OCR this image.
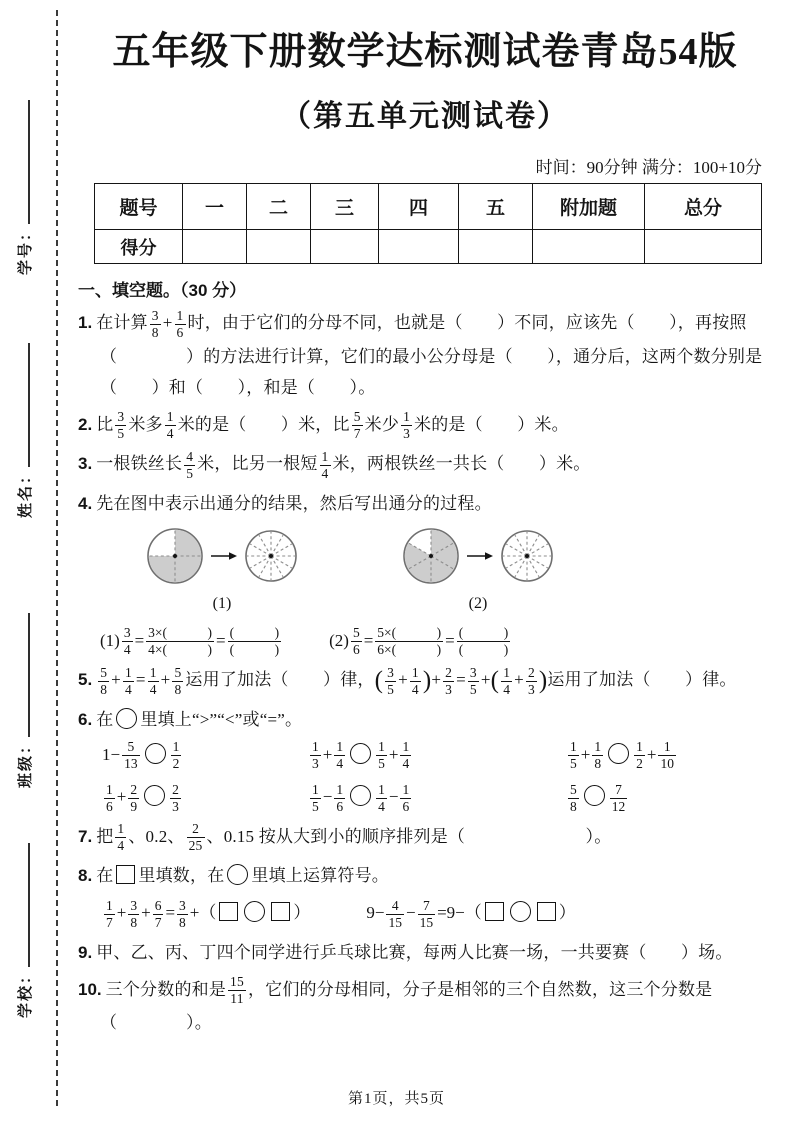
学号：
姓名：
班级：
学校：
五年级下册数学达标测试卷青岛54版
（第五单元测试卷）
时间：90分钟 满分：100+10分
题号	一	二	三	四	五	附加题	总分
得分							
一、填空题。（30 分）
1. 在计算 $\frac{3}{8} + \frac{1}{6}$ 时，由于它们的分母不同，也就是（　　）不同，应该先（　　），再按照（　　　　）的方法进行计算，它们的最小公分母是（　　），通分后，这两个数分别是（　　）和（　　），和是（　　）。
2. 比 $\frac{3}{5}$ 米多 $\frac{1}{4}$ 米的是（　　）米，比 $\frac{5}{7}$ 米少 $\frac{1}{3}$ 米的是（　　）米。
3. 一根铁丝长 $\frac{4}{5}$ 米，比另一根短 $\frac{1}{4}$ 米，两根铁丝一共长（　　）米。
4. 先在图中表示出通分的结果，然后写出通分的过程。
(1)	(2)
$(1) \frac{3}{4} = \frac{3\times( )}{4\times( )} = \frac{( )}{( )}$	$(2) \frac{5}{6} = \frac{5\times( )}{6\times( )} = \frac{( )}{( )}$
5. $\frac{5}{8} + \frac{1}{4} = \frac{1}{4} + \frac{5}{8}$ 运用了加法（　　）律，( $\frac{3}{5} + \frac{1}{4}$ )+ $\frac{2}{3} = \frac{3}{5}$ +( $\frac{1}{4} + \frac{2}{3}$ )运用了加法（　　）律。
6. 在 里填上“>”“<”或“=”。
$1- \frac{5}{13} \frac{1}{2}$	$\frac{1}{3} + \frac{1}{4} \frac{1}{5} + \frac{1}{4}$	$\frac{1}{5} + \frac{1}{8} \frac{1}{2} + \frac{1}{10}$
$\frac{1}{6} + \frac{2}{9} \frac{2}{3}$	$\frac{1}{5} - \frac{1}{6} \frac{1}{4} - \frac{1}{6}$	$\frac{5}{8} \frac{7}{12}$
7. 把 $\frac{1}{4}$ 、0.2、 $\frac{2}{25}$ 、0.15 按从大到小的顺序排列是（　　　　　　　）。
8. 在 里填数，在 里填上运算符号。
$\frac{1}{7} + \frac{3}{8} + \frac{6}{7} = \frac{3}{8}$ +（	）	$9- \frac{4}{15} - \frac{7}{15} =9-$（	）
9. 甲、乙、丙、丁四个同学进行乒乓球比赛，每两人比赛一场，一共要赛（　　）场。
10. 三个分数的和是 $\frac{15}{11}$ ，它们的分母相同，分子是相邻的三个自然数，这三个分数是（　　　　）。
第1页，共5页
